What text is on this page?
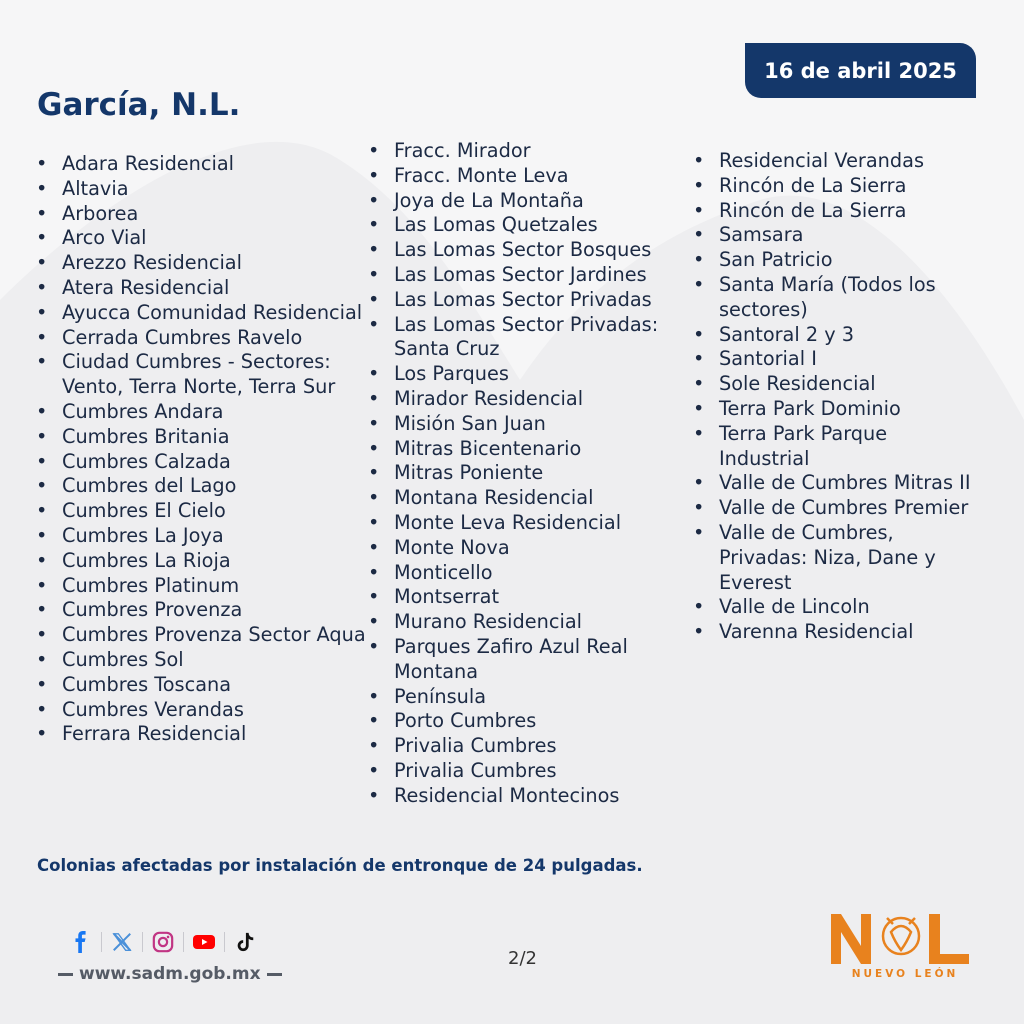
16 de abril 2025
García, N.L.
• Adara Residencial
• Altavia
• Arborea
• Arco Vial
• Arezzo Residencial
• Atera Residencial
• Ayucca Comunidad Residencial
• Cerrada Cumbres Ravelo
• Ciudad Cumbres - Sectores: Vento, Terra Norte, Terra Sur
• Cumbres Andara
• Cumbres Britania
• Cumbres Calzada
• Cumbres del Lago
• Cumbres El Cielo
• Cumbres La Joya
• Cumbres La Rioja
• Cumbres Platinum
• Cumbres Provenza
• Cumbres Provenza Sector Aqua
• Cumbres Sol
• Cumbres Toscana
• Cumbres Verandas
• Ferrara Residencial
• Fracc. Mirador
• Fracc. Monte Leva
• Joya de La Montaña
• Las Lomas Quetzales
• Las Lomas Sector Bosques
• Las Lomas Sector Jardines
• Las Lomas Sector Privadas
• Las Lomas Sector Privadas: Santa Cruz
• Los Parques
• Mirador Residencial
• Misión San Juan
• Mitras Bicentenario
• Mitras Poniente
• Montana Residencial
• Monte Leva Residencial
• Monte Nova
• Monticello
• Montserrat
• Murano Residencial
• Parques Zafiro Azul Real Montana
• Península
• Porto Cumbres
• Privalia Cumbres
• Privalia Cumbres
• Residencial Montecinos
• Residencial Verandas
• Rincón de La Sierra
• Rincón de La Sierra
• Samsara
• San Patricio
• Santa María (Todos los sectores)
• Santoral 2 y 3
• Santorial I
• Sole Residencial
• Terra Park Dominio
• Terra Park Parque Industrial
• Valle de Cumbres Mitras II
• Valle de Cumbres Premier
• Valle de Cumbres, Privadas: Niza, Dane y Everest
• Valle de Lincoln
• Varenna Residencial
Colonias afectadas por instalación de entronque de 24 pulgadas.
www.sadm.gob.mx
2/2
NUEVO LEÓN
